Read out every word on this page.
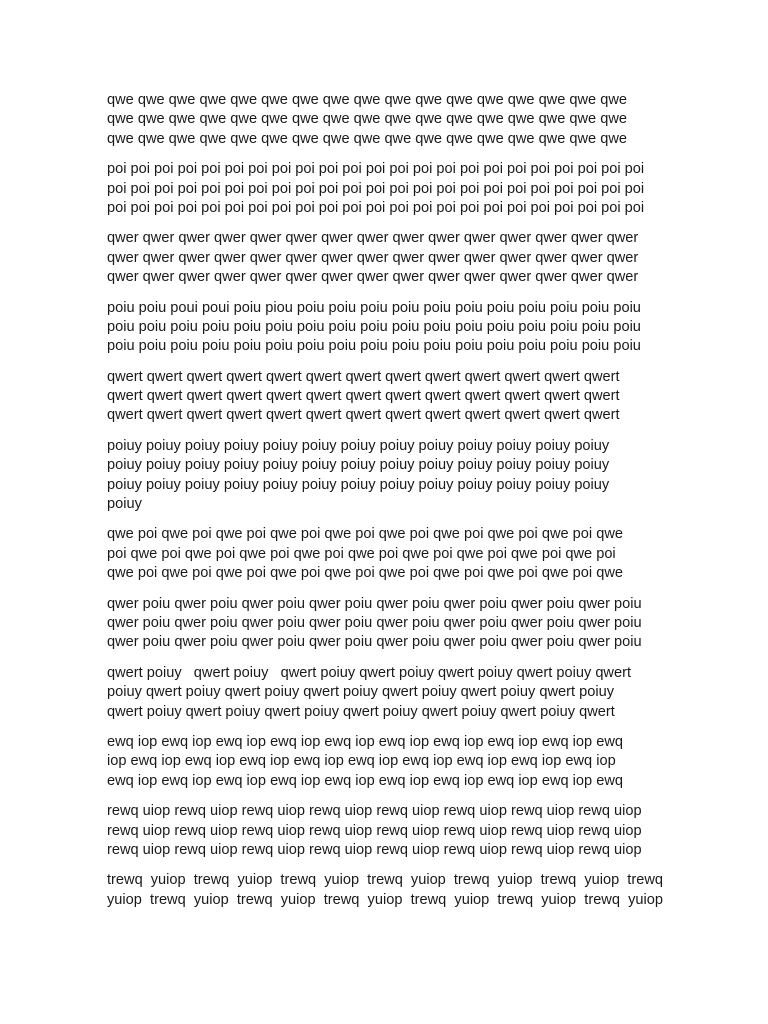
qwe qwe qwe qwe qwe qwe qwe qwe qwe qwe qwe qwe qwe qwe qwe qwe qwe
qwe qwe qwe qwe qwe qwe qwe qwe qwe qwe qwe qwe qwe qwe qwe qwe qwe
qwe qwe qwe qwe qwe qwe qwe qwe qwe qwe qwe qwe qwe qwe qwe qwe qwe
poi poi poi poi poi poi poi poi poi poi poi poi poi poi poi poi poi poi poi poi poi poi poi
poi poi poi poi poi poi poi poi poi poi poi poi poi poi poi poi poi poi poi poi poi poi poi
poi poi poi poi poi poi poi poi poi poi poi poi poi poi poi poi poi poi poi poi poi poi poi
qwer qwer qwer qwer qwer qwer qwer qwer qwer qwer qwer qwer qwer qwer qwer
qwer qwer qwer qwer qwer qwer qwer qwer qwer qwer qwer qwer qwer qwer qwer
qwer qwer qwer qwer qwer qwer qwer qwer qwer qwer qwer qwer qwer qwer qwer
poiu poiu poui poui poiu piou poiu poiu poiu poiu poiu poiu poiu poiu poiu poiu poiu
poiu poiu poiu poiu poiu poiu poiu poiu poiu poiu poiu poiu poiu poiu poiu poiu poiu
poiu poiu poiu poiu poiu poiu poiu poiu poiu poiu poiu poiu poiu poiu poiu poiu poiu
qwert qwert qwert qwert qwert qwert qwert qwert qwert qwert qwert qwert qwert
qwert qwert qwert qwert qwert qwert qwert qwert qwert qwert qwert qwert qwert
qwert qwert qwert qwert qwert qwert qwert qwert qwert qwert qwert qwert qwert
poiuy poiuy poiuy poiuy poiuy poiuy poiuy poiuy poiuy poiuy poiuy poiuy poiuy
poiuy poiuy poiuy poiuy poiuy poiuy poiuy poiuy poiuy poiuy poiuy poiuy poiuy
poiuy poiuy poiuy poiuy poiuy poiuy poiuy poiuy poiuy poiuy poiuy poiuy poiuy
poiuy
qwe poi qwe poi qwe poi qwe poi qwe poi qwe poi qwe poi qwe poi qwe poi qwe
poi qwe poi qwe poi qwe poi qwe poi qwe poi qwe poi qwe poi qwe poi qwe poi
qwe poi qwe poi qwe poi qwe poi qwe poi qwe poi qwe poi qwe poi qwe poi qwe
qwer poiu qwer poiu qwer poiu qwer poiu qwer poiu qwer poiu qwer poiu qwer poiu
qwer poiu qwer poiu qwer poiu qwer poiu qwer poiu qwer poiu qwer poiu qwer poiu
qwer poiu qwer poiu qwer poiu qwer poiu qwer poiu qwer poiu qwer poiu qwer poiu
qwert poiuy   qwert poiuy   qwert poiuy qwert poiuy qwert poiuy qwert poiuy qwert
poiuy qwert poiuy qwert poiuy qwert poiuy qwert poiuy qwert poiuy qwert poiuy
qwert poiuy qwert poiuy qwert poiuy qwert poiuy qwert poiuy qwert poiuy qwert
ewq iop ewq iop ewq iop ewq iop ewq iop ewq iop ewq iop ewq iop ewq iop ewq
iop ewq iop ewq iop ewq iop ewq iop ewq iop ewq iop ewq iop ewq iop ewq iop
ewq iop ewq iop ewq iop ewq iop ewq iop ewq iop ewq iop ewq iop ewq iop ewq
rewq uiop rewq uiop rewq uiop rewq uiop rewq uiop rewq uiop rewq uiop rewq uiop
rewq uiop rewq uiop rewq uiop rewq uiop rewq uiop rewq uiop rewq uiop rewq uiop
rewq uiop rewq uiop rewq uiop rewq uiop rewq uiop rewq uiop rewq uiop rewq uiop
trewq yuiop trewq yuiop trewq yuiop trewq yuiop trewq yuiop trewq yuiop trewq
yuiop trewq yuiop trewq yuiop trewq yuiop trewq yuiop trewq yuiop trewq yuiop
